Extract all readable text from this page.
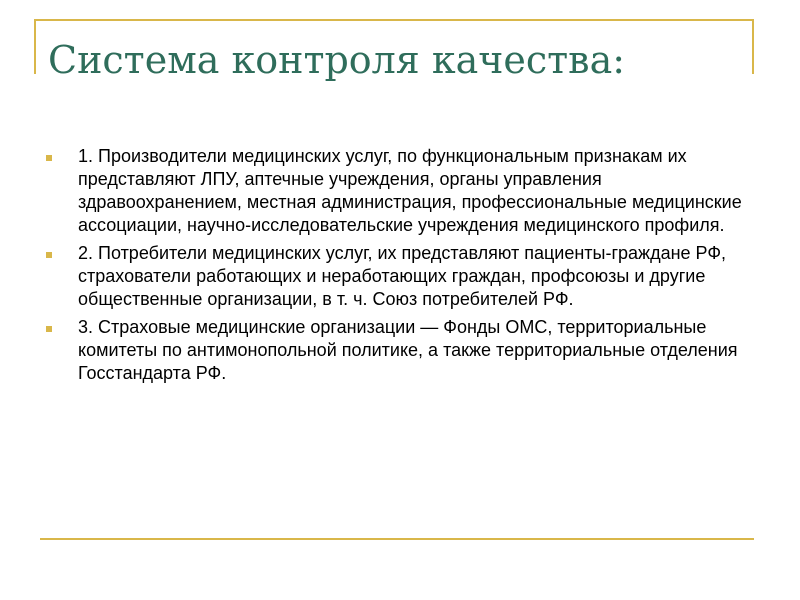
Система контроля качества:
1. Производители медицинских услуг, по функциональным признакам их представляют ЛПУ, аптечные учреждения, органы управления здравоохранением, местная администрация, профессиональные медицинские ассоциации, научно-исследовательские учреждения медицинского профиля.
2. Потребители медицинских услуг, их представляют пациенты-граждане РФ, страхователи работающих и неработающих граждан, профсоюзы и другие общественные организации, в т. ч. Союз потребителей РФ.
3. Страховые медицинские организации — Фонды ОМС, территориальные комитеты по антимонопольной политике, а также территориальные отделения Госстандарта РФ.
